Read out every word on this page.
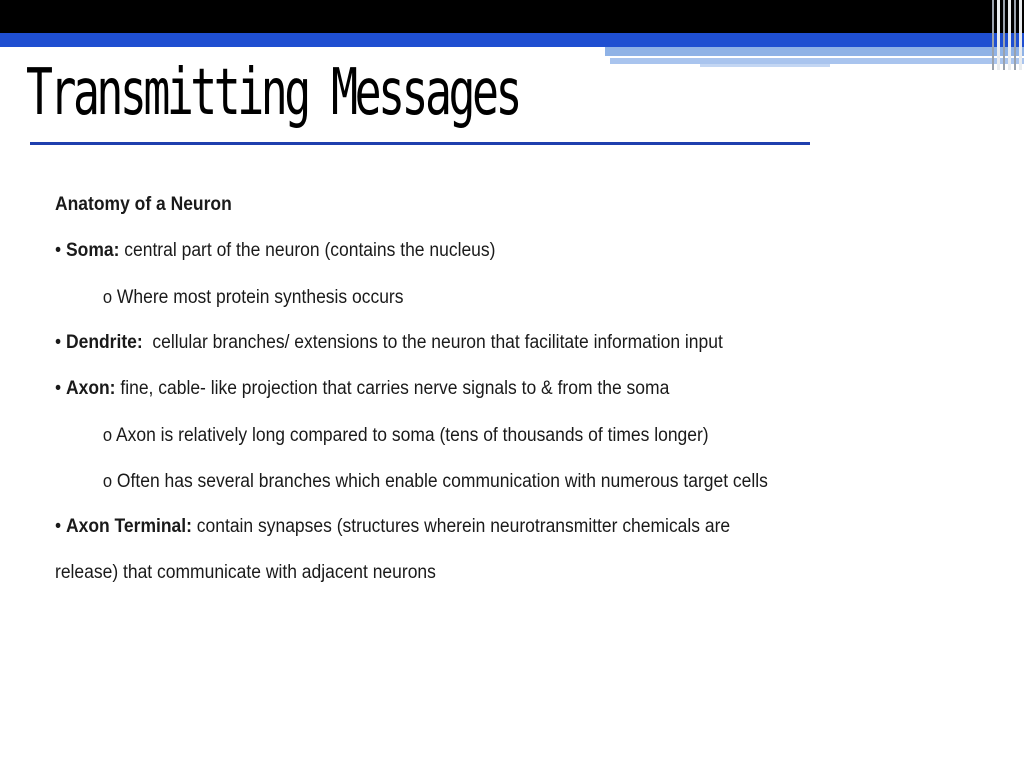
Transmitting Messages
Anatomy of a Neuron
• Soma: central part of the neuron (contains the nucleus)
o Where most protein synthesis occurs
• Dendrite:  cellular branches/ extensions to the neuron that facilitate information input
• Axon: fine, cable- like projection that carries nerve signals to & from the soma
o Axon is relatively long compared to soma (tens of thousands of times longer)
o Often has several branches which enable communication with numerous target cells
• Axon Terminal: contain synapses (structures wherein neurotransmitter chemicals are
release) that communicate with adjacent neurons
